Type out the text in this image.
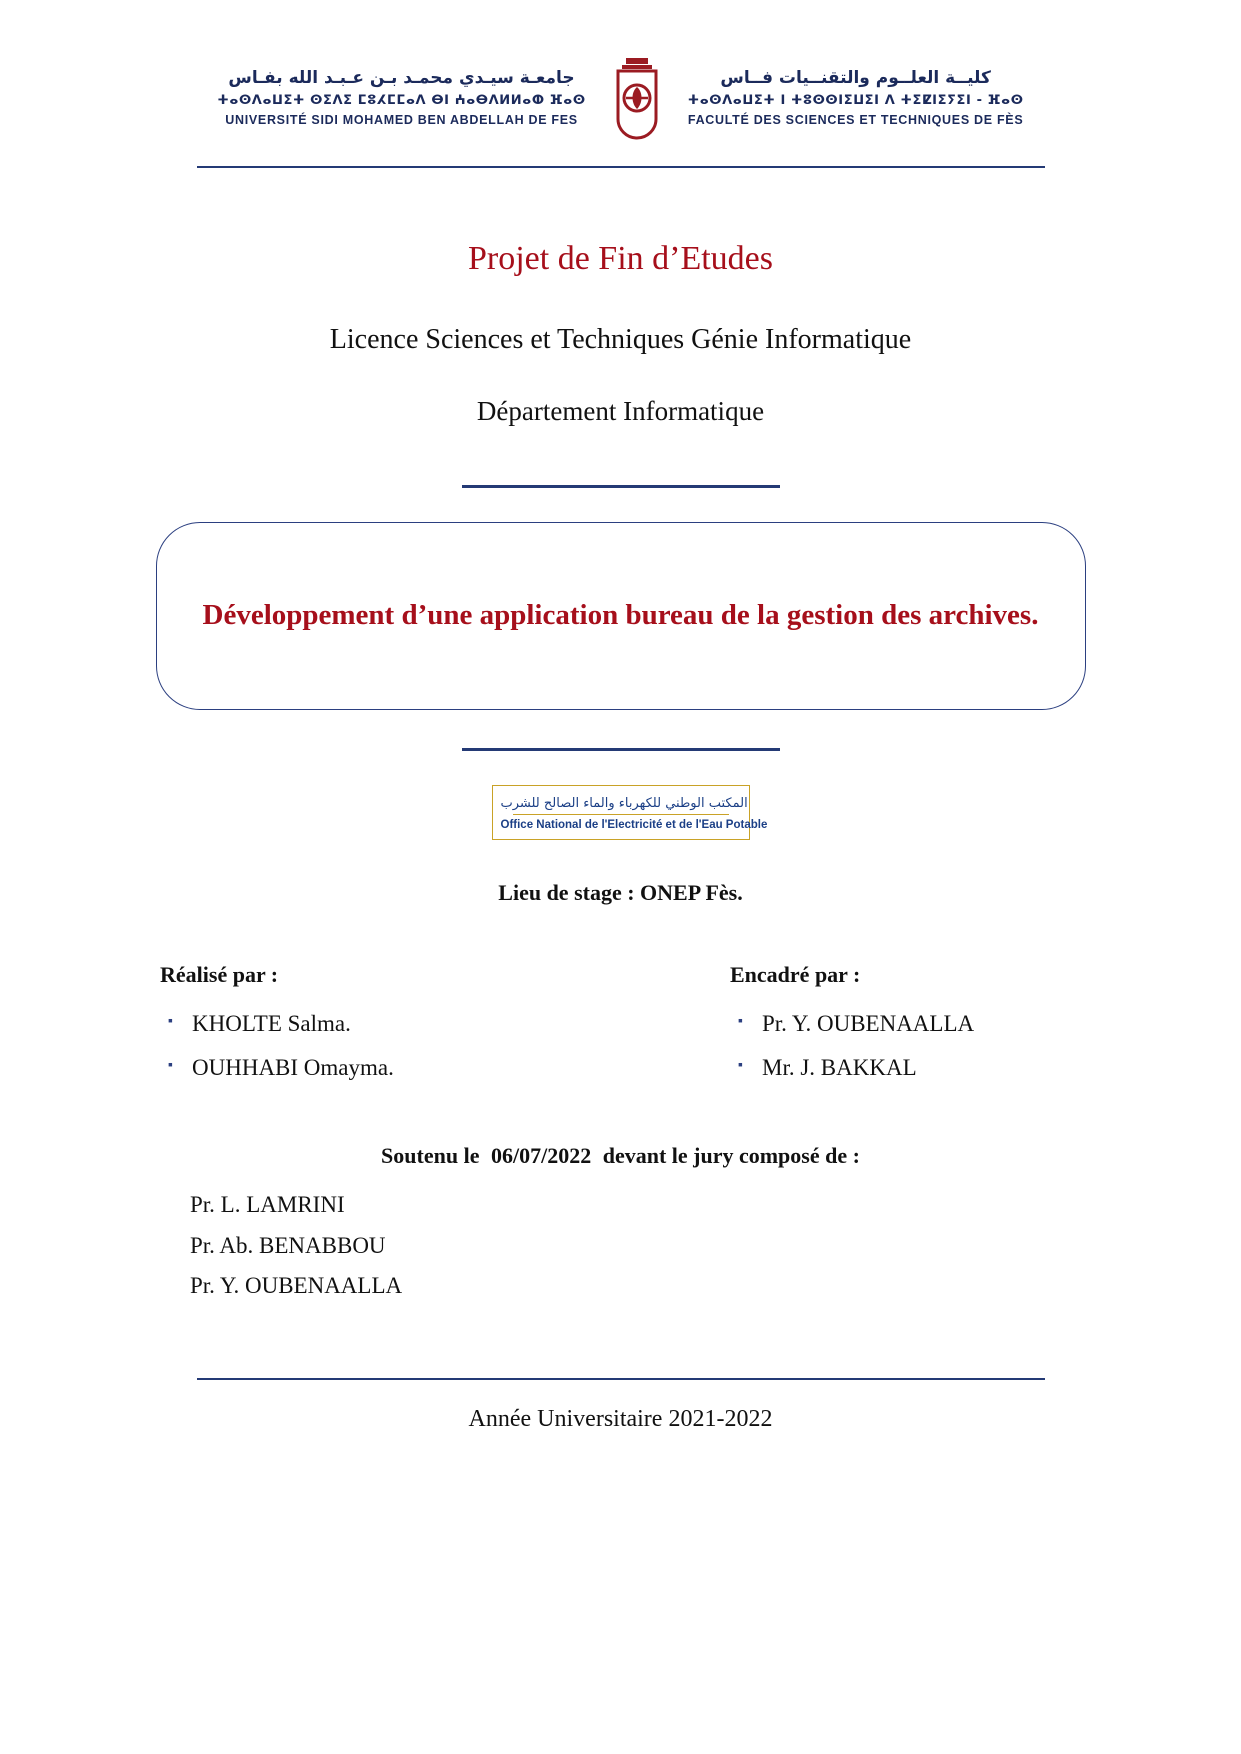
جامعـة سيـدي محمـد بـن عـبـد الله بفـاس
ⵜⴰⵙⴷⴰⵡⵉⵜ ⵙⵉⴷⵉ ⵎⵓⵃⵎⵎⴰⴷ ⴱⵏ ⵄⴰⴱⴷⵍⵍⴰⵀ ⴼⴰⵙ
UNIVERSITÉ SIDI MOHAMED BEN ABDELLAH DE FES
كليــة العلــوم والتقنــيات فــاس
ⵜⴰⵙⴷⴰⵡⵉⵜ ⵏ ⵜⵓⵙⵙⵏⵉⵡⵉⵏ ⴷ ⵜⵉⵇⵏⵉⵢⵉⵏ - ⴼⴰⵙ
FACULTÉ DES SCIENCES ET TECHNIQUES DE FÈS
Projet de Fin d’Etudes
Licence Sciences et Techniques Génie Informatique
Département Informatique
Développement d’une application bureau de la gestion des archives.
المكتب الوطني للكهرباء والماء الصالح للشرب
Office National de l'Electricité et de l'Eau Potable
Lieu de stage : ONEP Fès.
Réalisé par :
▪ KHOLTE Salma.
▪ OUHHABI Omayma.
Encadré par :
▪ Pr. Y. OUBENAALLA
▪ Mr. J. BAKKAL
Soutenu le 06/07/2022 devant le jury composé de :
Pr. L. LAMRINI
Pr. Ab. BENABBOU
Pr. Y. OUBENAALLA
Année Universitaire 2021-2022
